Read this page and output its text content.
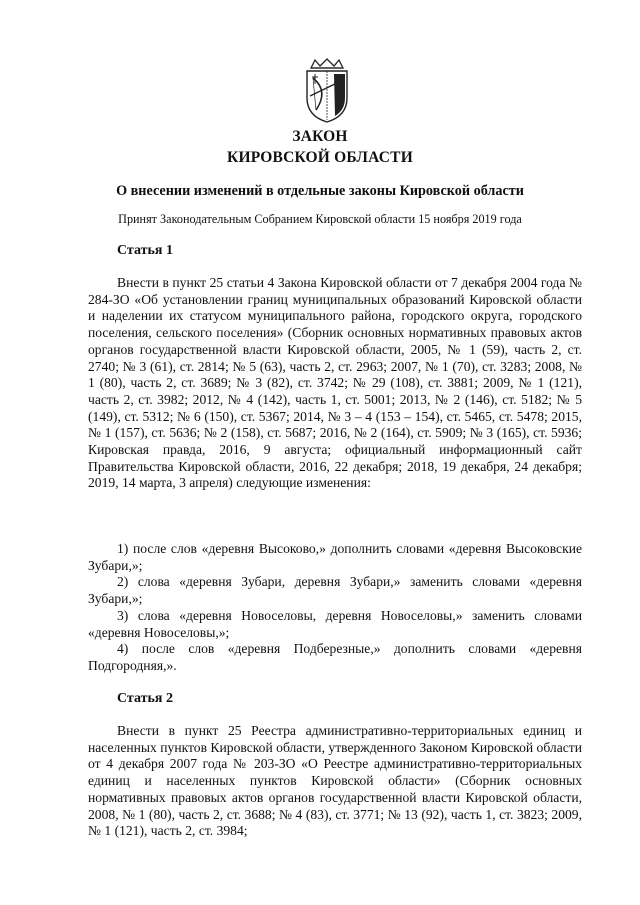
ЗАКОН
КИРОВСКОЙ ОБЛАСТИ
О внесении изменений в отдельные законы Кировской области
Принят Законодательным Собранием Кировской области 15 ноября 2019 года
Статья 1

Внести в пункт 25 статьи 4 Закона Кировской области от 7 декабря 2004 года № 284-ЗО «Об установлении границ муниципальных образований Кировской области и наделении их статусом муниципального района, городского округа, городского поселения, сельского поселения» (Сборник основных нормативных правовых актов органов государственной власти Кировской области, 2005, № 1 (59), часть 2, ст. 2740; № 3 (61), ст. 2814; № 5 (63), часть 2, ст. 2963; 2007, № 1 (70), ст. 3283; 2008, № 1 (80), часть 2, ст. 3689; № 3 (82), ст. 3742; № 29 (108), ст. 3881; 2009, № 1 (121), часть 2, ст. 3982; 2012, № 4 (142), часть 1, ст. 5001; 2013, № 2 (146), ст. 5182; № 5 (149), ст. 5312; № 6 (150), ст. 5367; 2014, № 3 – 4 (153 – 154), ст. 5465, ст. 5478; 2015, № 1 (157), ст. 5636; № 2 (158), ст. 5687; 2016, № 2 (164), ст. 5909; № 3 (165), ст. 5936; Кировская правда, 2016, 9 августа; официальный информационный сайт Правительства Кировской области, 2016, 22 декабря; 2018, 19 декабря, 24 декабря; 2019, 14 марта, 3 апреля) следующие изменения:

1) после слов «деревня Высоково,» дополнить словами «деревня Высоковские Зубари,»;
2) слова «деревня Зубари, деревня Зубари,» заменить словами «деревня Зубари,»;
3) слова «деревня Новоселовы, деревня Новоселовы,» заменить словами «деревня Новоселовы,»;
4) после слов «деревня Подберезные,» дополнить словами «деревня Подгородняя,».
Статья 2

Внести в пункт 25 Реестра административно-территориальных единиц и населенных пунктов Кировской области, утвержденного Законом Кировской области от 4 декабря 2007 года № 203-ЗО «О Реестре административно-территориальных единиц и населенных пунктов Кировской области» (Сборник основных нормативных правовых актов органов государственной власти Кировской области, 2008, № 1 (80), часть 2, ст. 3688; № 4 (83), ст. 3771; № 13 (92), часть 1, ст. 3823; 2009, № 1 (121), часть 2, ст. 3984;
